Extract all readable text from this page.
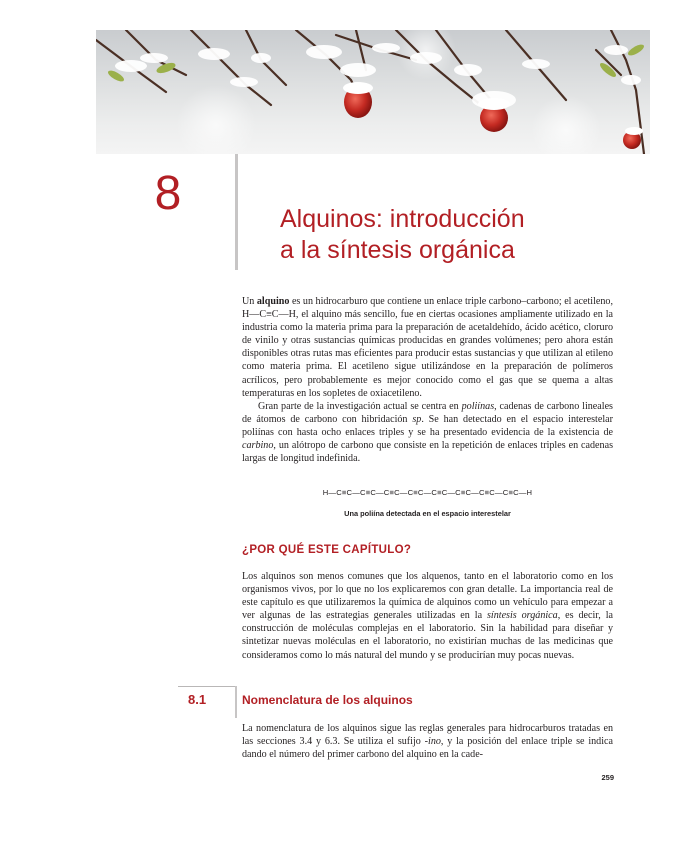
8	Alquinos: introducción
a la síntesis orgánica

Un alquino es un hidrocarburo que contiene un enlace triple carbono–carbono; el acetileno, H—C≡C—H, el alquino más sencillo, fue en ciertas ocasiones ampliamente utilizado en la industria como la materia prima para la preparación de acetaldehído, ácido acético, cloruro de vinilo y otras sustancias químicas producidas en grandes volúmenes; pero ahora están disponibles otras rutas mas eficientes para producir estas sustancias y que utilizan al etileno como materia prima. El acetileno sigue utilizándose en la preparación de polímeros acrílicos, pero probablemente es mejor conocido como el gas que se quema a altas temperaturas en los sopletes de oxiacetileno.

Gran parte de la investigación actual se centra en poliínas, cadenas de carbono lineales de átomos de carbono con hibridación sp. Se han detectado en el espacio interestelar poliínas con hasta ocho enlaces triples y se ha presentado evidencia de la existencia de carbino, un alótropo de carbono que consiste en la repetición de enlaces triples en cadenas largas de longitud indefinida.

H—C≡C—C≡C—C≡C—C≡C—C≡C—C≡C—C≡C—C≡C—H
Una poliína detectada en el espacio interestelar
¿POR QUÉ ESTE CAPÍTULO?

Los alquinos son menos comunes que los alquenos, tanto en el laboratorio como en los organismos vivos, por lo que no los explicaremos con gran detalle. La importancia real de este capítulo es que utilizaremos la química de alquinos como un vehículo para empezar a ver algunas de las estrategias generales utilizadas en la síntesis orgánica, es decir, la construcción de moléculas complejas en el laboratorio. Sin la habilidad para diseñar y sintetizar nuevas moléculas en el laboratorio, no existirían muchas de las medicinas que consideramos como lo más natural del mundo y se producirían muy pocas nuevas.

8.1	Nomenclatura de los alquinos

La nomenclatura de los alquinos sigue las reglas generales para hidrocarburos tratadas en las secciones 3.4 y 6.3. Se utiliza el sufijo -ino, y la posición del enlace triple se indica dando el número del primer carbono del alquino en la cade-

259
